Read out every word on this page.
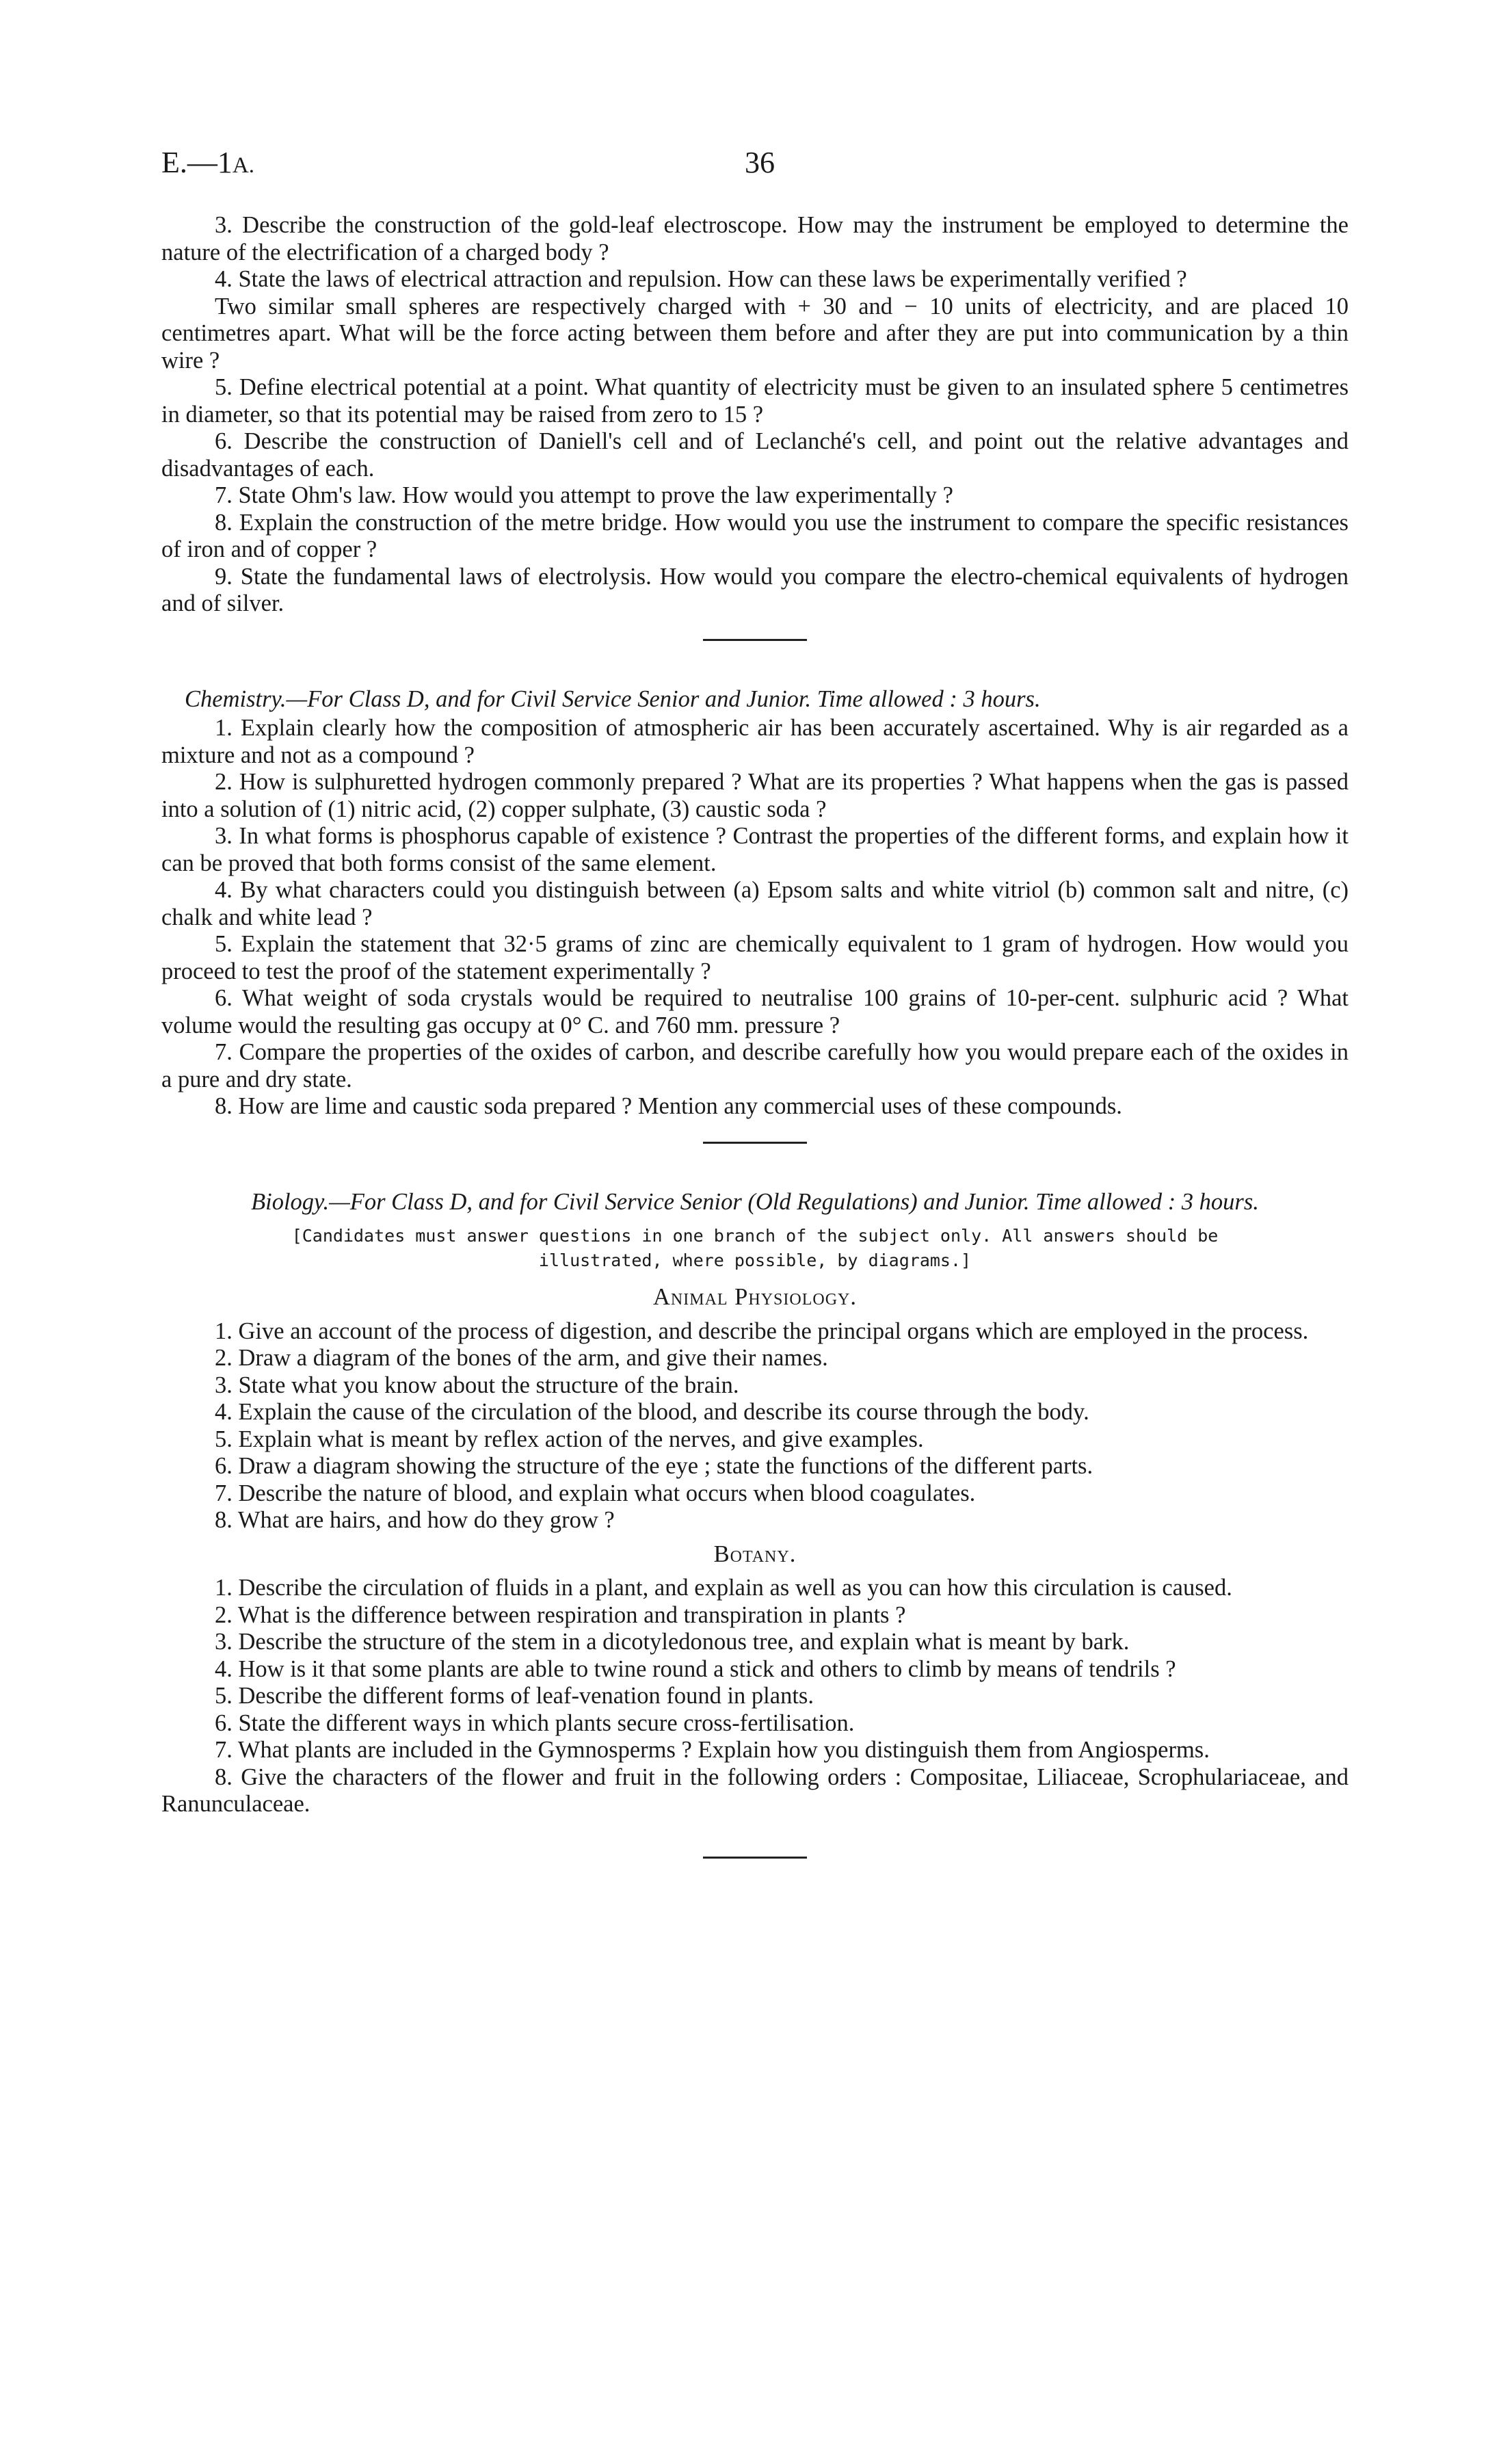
E.—1A.	36

3. Describe the construction of the gold-leaf electroscope. How may the instrument be employed to determine the nature of the electrification of a charged body ?

4. State the laws of electrical attraction and repulsion. How can these laws be experimentally verified ?

Two similar small spheres are respectively charged with + 30 and − 10 units of electricity, and are placed 10 centimetres apart. What will be the force acting between them before and after they are put into communication by a thin wire ?

5. Define electrical potential at a point. What quantity of electricity must be given to an insulated sphere 5 centimetres in diameter, so that its potential may be raised from zero to 15 ?

6. Describe the construction of Daniell's cell and of Leclanché's cell, and point out the relative advantages and disadvantages of each.

7. State Ohm's law. How would you attempt to prove the law experimentally ?

8. Explain the construction of the metre bridge. How would you use the instrument to compare the specific resistances of iron and of copper ?

9. State the fundamental laws of electrolysis. How would you compare the electro-chemical equivalents of hydrogen and of silver.

Chemistry.—For Class D, and for Civil Service Senior and Junior. Time allowed : 3 hours.

1. Explain clearly how the composition of atmospheric air has been accurately ascertained. Why is air regarded as a mixture and not as a compound ?

2. How is sulphuretted hydrogen commonly prepared ? What are its properties ? What happens when the gas is passed into a solution of (1) nitric acid, (2) copper sulphate, (3) caustic soda ?

3. In what forms is phosphorus capable of existence ? Contrast the properties of the different forms, and explain how it can be proved that both forms consist of the same element.

4. By what characters could you distinguish between (a) Epsom salts and white vitriol (b) common salt and nitre, (c) chalk and white lead ?

5. Explain the statement that 32·5 grams of zinc are chemically equivalent to 1 gram of hydrogen. How would you proceed to test the proof of the statement experimentally ?

6. What weight of soda crystals would be required to neutralise 100 grains of 10-per-cent. sulphuric acid ? What volume would the resulting gas occupy at 0° C. and 760 mm. pressure ?

7. Compare the properties of the oxides of carbon, and describe carefully how you would prepare each of the oxides in a pure and dry state.

8. How are lime and caustic soda prepared ? Mention any commercial uses of these compounds.

Biology.—For Class D, and for Civil Service Senior (Old Regulations) and Junior. Time allowed : 3 hours.

[Candidates must answer questions in one branch of the subject only. All answers should be illustrated, where possible, by diagrams.]

Animal Physiology.

1. Give an account of the process of digestion, and describe the principal organs which are employed in the process.

2. Draw a diagram of the bones of the arm, and give their names.

3. State what you know about the structure of the brain.

4. Explain the cause of the circulation of the blood, and describe its course through the body.

5. Explain what is meant by reflex action of the nerves, and give examples.

6. Draw a diagram showing the structure of the eye ; state the functions of the different parts.

7. Describe the nature of blood, and explain what occurs when blood coagulates.

8. What are hairs, and how do they grow ?

Botany.

1. Describe the circulation of fluids in a plant, and explain as well as you can how this circulation is caused.

2. What is the difference between respiration and transpiration in plants ?

3. Describe the structure of the stem in a dicotyledonous tree, and explain what is meant by bark.

4. How is it that some plants are able to twine round a stick and others to climb by means of tendrils ?

5. Describe the different forms of leaf-venation found in plants.

6. State the different ways in which plants secure cross-fertilisation.

7. What plants are included in the Gymnosperms ? Explain how you distinguish them from Angiosperms.

8. Give the characters of the flower and fruit in the following orders : Compositae, Liliaceae, Scrophulariaceae, and Ranunculaceae.
